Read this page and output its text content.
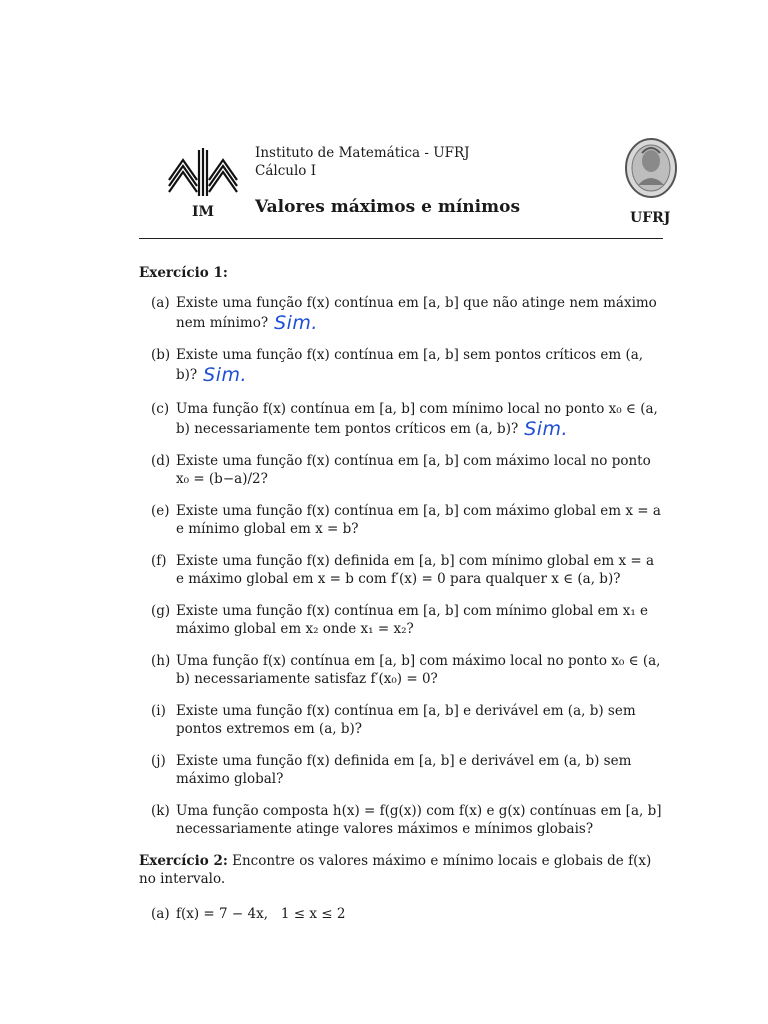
IM
Instituto de Matemática - UFRJ
Cálculo I
Valores máximos e mínimos
UFRJ
Exercício 1:
(a) Existe uma função f(x) contínua em [a, b] que não atinge nem máximo nem mínimo? Sim.
(b) Existe uma função f(x) contínua em [a, b] sem pontos críticos em (a, b)? Sim.
(c) Uma função f(x) contínua em [a, b] com mínimo local no ponto x₀ ∈ (a, b) necessariamente tem pontos críticos em (a, b)? Sim.
(d) Existe uma função f(x) contínua em [a, b] com máximo local no ponto x₀ = (b−a)/2?
(e) Existe uma função f(x) contínua em [a, b] com máximo global em x = a e mínimo global em x = b?
(f) Existe uma função f(x) definida em [a, b] com mínimo global em x = a e máximo global em x = b com f′(x) = 0 para qualquer x ∈ (a, b)?
(g) Existe uma função f(x) contínua em [a, b] com mínimo global em x₁ e máximo global em x₂ onde x₁ = x₂?
(h) Uma função f(x) contínua em [a, b] com máximo local no ponto x₀ ∈ (a, b) necessariamente satisfaz f′(x₀) = 0?
(i) Existe uma função f(x) contínua em [a, b] e derivável em (a, b) sem pontos extremos em (a, b)?
(j) Existe uma função f(x) definida em [a, b] e derivável em (a, b) sem máximo global?
(k) Uma função composta h(x) = f(g(x)) com f(x) e g(x) contínuas em [a, b] necessariamente atinge valores máximos e mínimos globais?
Exercício 2: Encontre os valores máximo e mínimo locais e globais de f(x) no intervalo.
(a) f(x) = 7 − 4x,   1 ≤ x ≤ 2
